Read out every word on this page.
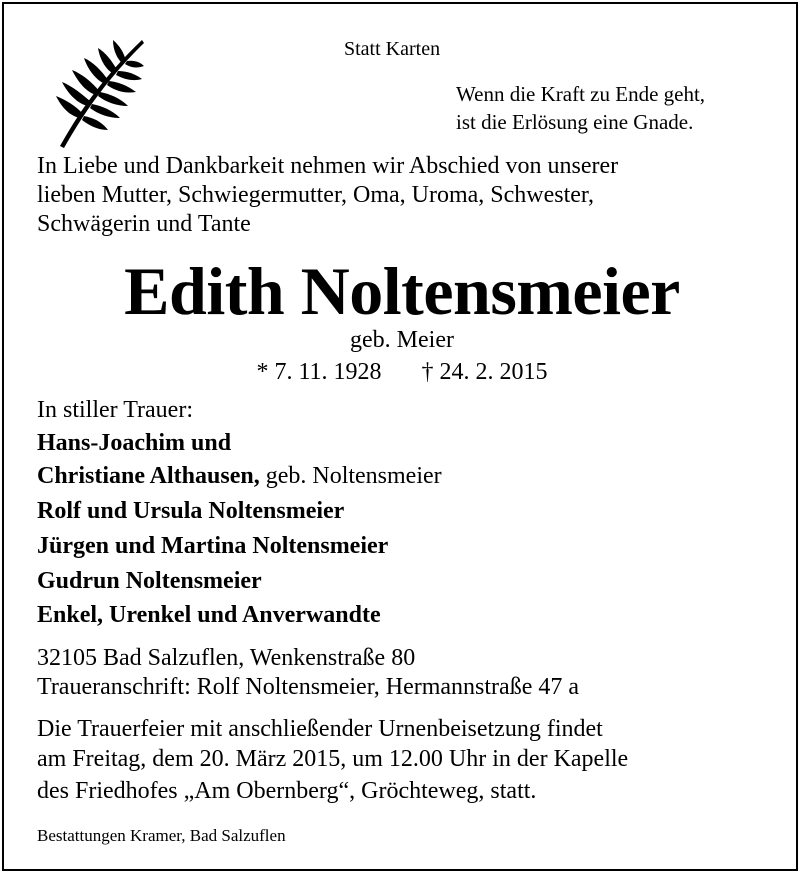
Statt Karten
Wenn die Kraft zu Ende geht,
ist die Erlösung eine Gnade.
In Liebe und Dankbarkeit nehmen wir Abschied von unserer
lieben Mutter, Schwiegermutter, Oma, Uroma, Schwester,
Schwägerin und Tante
Edith Noltensmeier
geb. Meier
* 7. 11. 1928 † 24. 2. 2015
In stiller Trauer:
Hans-Joachim und
Christiane Althausen, geb. Noltensmeier
Rolf und Ursula Noltensmeier
Jürgen und Martina Noltensmeier
Gudrun Noltensmeier
Enkel, Urenkel und Anverwandte
32105 Bad Salzuflen, Wenkenstraße 80
Traueranschrift: Rolf Noltensmeier, Hermannstraße 47 a
Die Trauerfeier mit anschließender Urnenbeisetzung findet
am Freitag, dem 20. März 2015, um 12.00 Uhr in der Kapelle
des Friedhofes „Am Obernberg“, Gröchteweg, statt.
Bestattungen Kramer, Bad Salzuflen
